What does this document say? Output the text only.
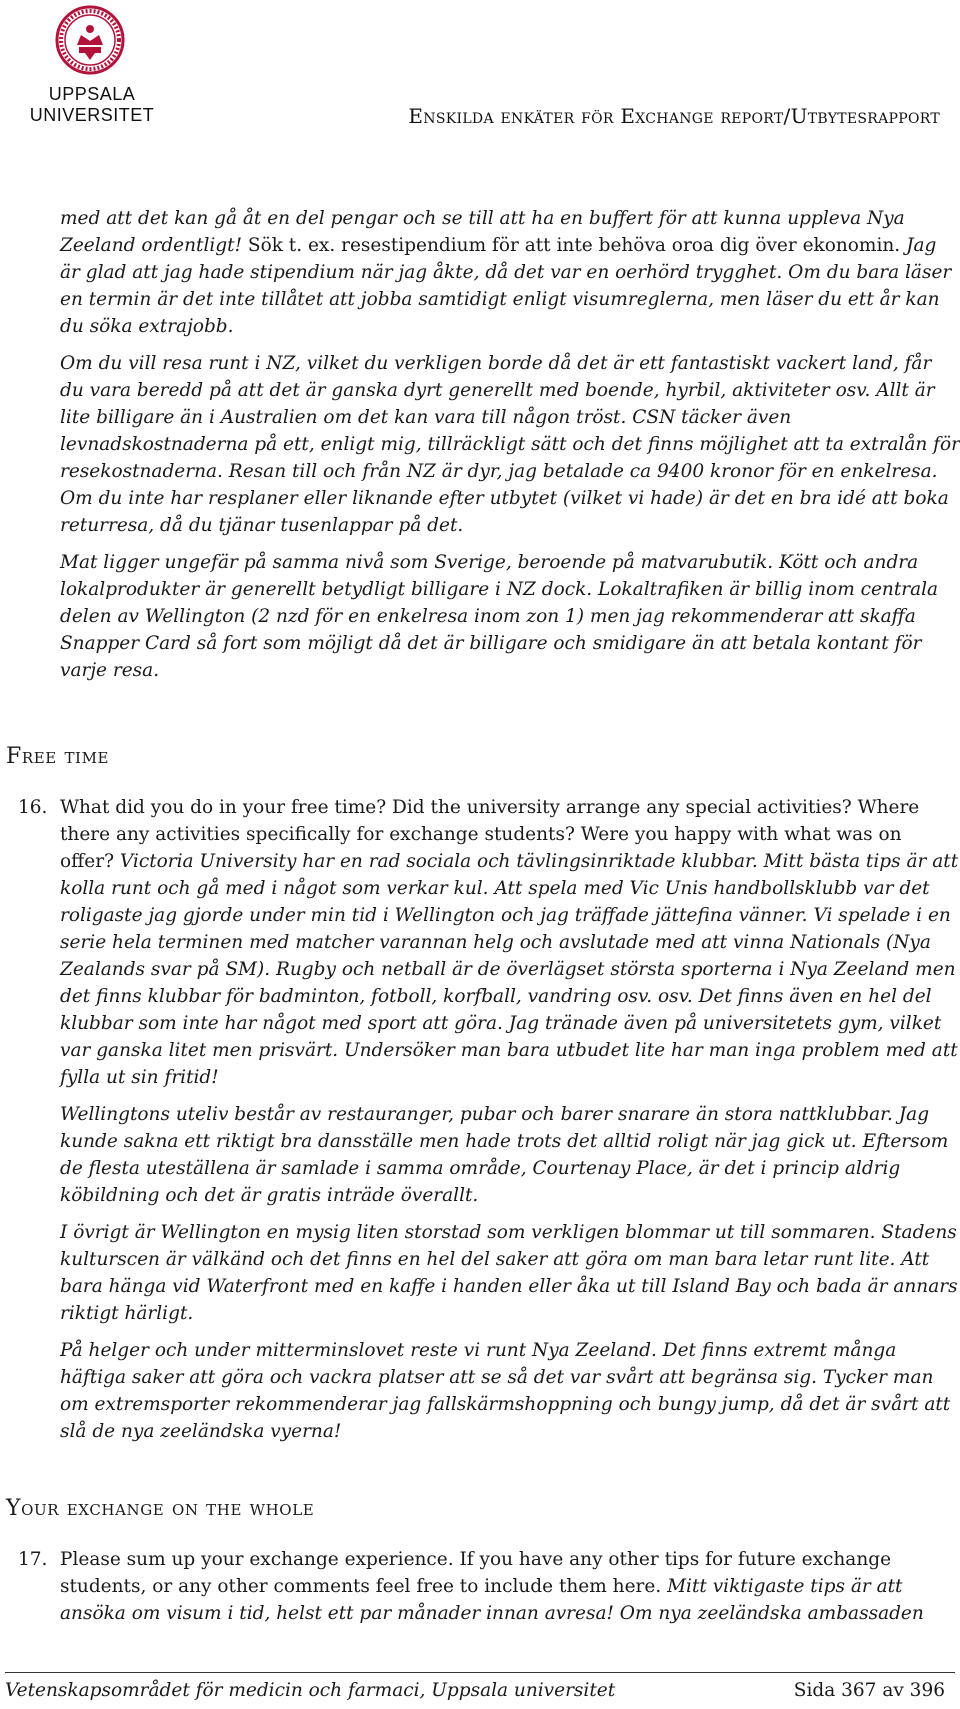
UPPSALA
UNIVERSITET	Enskilda enkäter för Exchange report/Utbytesrapport

med att det kan gå åt en del pengar och se till att ha en buffert för att kunna uppleva Nya Zeeland ordentligt! Sök t. ex. resestipendium för att inte behöva oroa dig över ekonomin. Jag är glad att jag hade stipendium när jag åkte, då det var en oerhörd trygghet. Om du bara läser en termin är det inte tillåtet att jobba samtidigt enligt visumreglerna, men läser du ett år kan du söka extrajobb.

Om du vill resa runt i NZ, vilket du verkligen borde då det är ett fantastiskt vackert land, får du vara beredd på att det är ganska dyrt generellt med boende, hyrbil, aktiviteter osv. Allt är lite billigare än i Australien om det kan vara till någon tröst. CSN täcker även levnadskostnaderna på ett, enligt mig, tillräckligt sätt och det finns möjlighet att ta extralån för resekostnaderna. Resan till och från NZ är dyr, jag betalade ca 9400 kronor för en enkelresa. Om du inte har resplaner eller liknande efter utbytet (vilket vi hade) är det en bra idé att boka returresa, då du tjänar tusenlappar på det.

Mat ligger ungefär på samma nivå som Sverige, beroende på matvarubutik. Kött och andra lokalprodukter är generellt betydligt billigare i NZ dock. Lokaltrafiken är billig inom centrala delen av Wellington (2 nzd för en enkelresa inom zon 1) men jag rekommenderar att skaffa Snapper Card så fort som möjligt då det är billigare och smidigare än att betala kontant för varje resa.

Free time
16. What did you do in your free time? Did the university arrange any special activities? Where there any activities specifically for exchange students? Were you happy with what was on offer? Victoria University har en rad sociala och tävlingsinriktade klubbar. Mitt bästa tips är att kolla runt och gå med i något som verkar kul. Att spela med Vic Unis handbollsklubb var det roligaste jag gjorde under min tid i Wellington och jag träffade jättefina vänner. Vi spelade i en serie hela terminen med matcher varannan helg och avslutade med att vinna Nationals (Nya Zealands svar på SM). Rugby och netball är de överlägset största sporterna i Nya Zeeland men det finns klubbar för badminton, fotboll, korfball, vandring osv. osv. Det finns även en hel del klubbar som inte har något med sport att göra. Jag tränade även på universitetets gym, vilket var ganska litet men prisvärt. Undersöker man bara utbudet lite har man inga problem med att fylla ut sin fritid!

Wellingtons uteliv består av restauranger, pubar och barer snarare än stora nattklubbar. Jag kunde sakna ett riktigt bra dansställe men hade trots det alltid roligt när jag gick ut. Eftersom de flesta uteställena är samlade i samma område, Courtenay Place, är det i princip aldrig köbildning och det är gratis inträde överallt.

I övrigt är Wellington en mysig liten storstad som verkligen blommar ut till sommaren. Stadens kulturscen är välkänd och det finns en hel del saker att göra om man bara letar runt lite. Att bara hänga vid Waterfront med en kaffe i handen eller åka ut till Island Bay och bada är annars riktigt härligt.

På helger och under mitterminslovet reste vi runt Nya Zeeland. Det finns extremt många häftiga saker att göra och vackra platser att se så det var svårt att begränsa sig. Tycker man om extremsporter rekommenderar jag fallskärmshoppning och bungy jump, då det är svårt att slå de nya zeeländska vyerna!

Your exchange on the whole
17. Please sum up your exchange experience. If you have any other tips for future exchange students, or any other comments feel free to include them here. Mitt viktigaste tips är att ansöka om visum i tid, helst ett par månader innan avresa! Om nya zeeländska ambassaden

Vetenskapsområdet för medicin och farmaci, Uppsala universitet	Sida 367 av 396
